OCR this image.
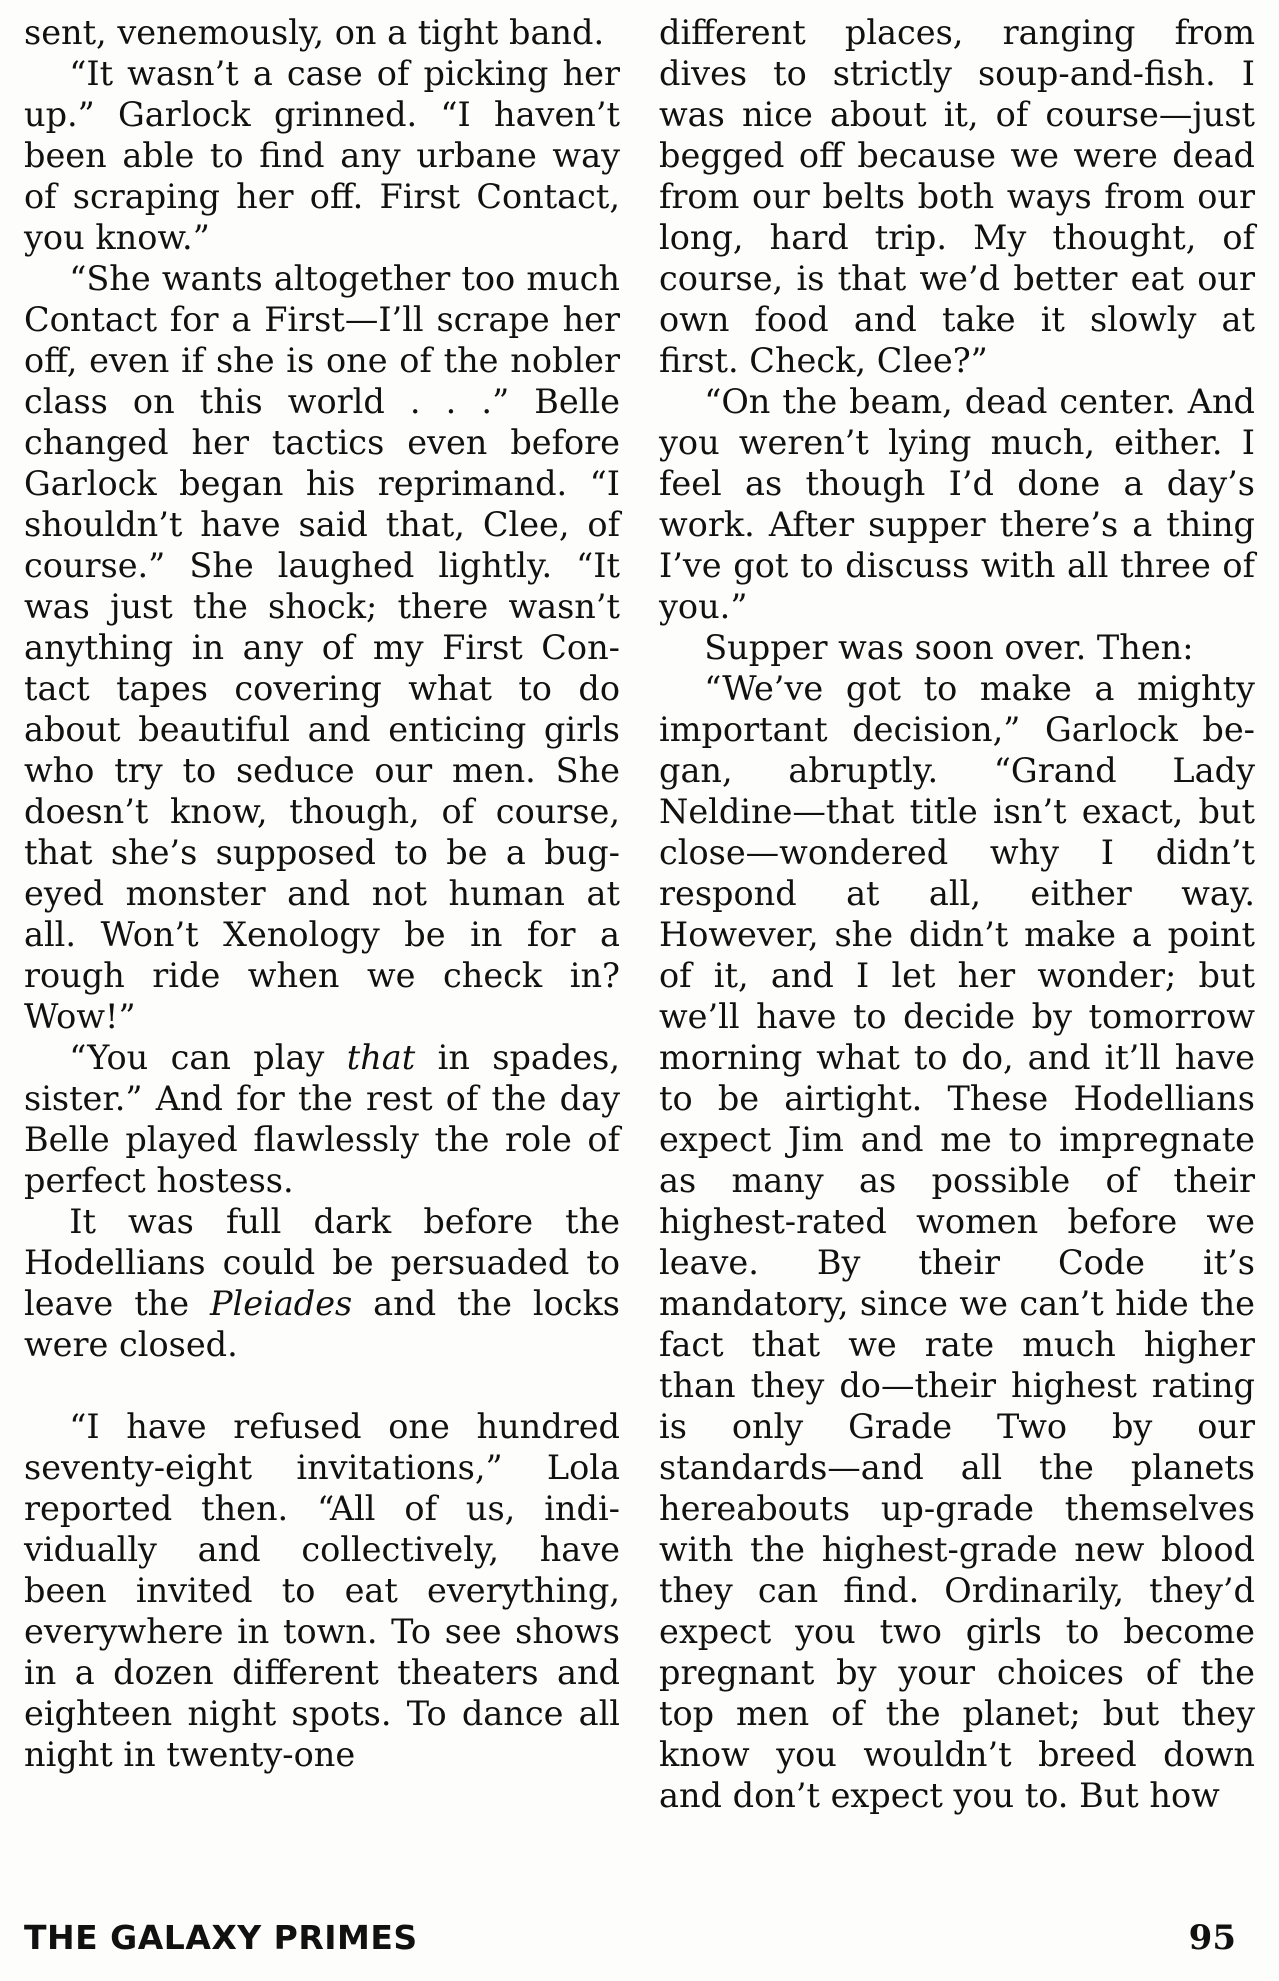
sent, venemously, on a tight band.

“It wasn’t a case of picking her up.” Garlock grinned. “I haven’t been able to find any urbane way of scraping her off. First Contact, you know.”

“She wants altogether too much Contact for a First—I’ll scrape her off, even if she is one of the nobler class on this world . . .” Belle changed her tactics even before Garlock began his reprimand. “I shouldn’t have said that, Clee, of course.” She laughed lightly. “It was just the shock; there wasn’t anything in any of my First Contact tapes covering what to do about beautiful and enticing girls who try to seduce our men. She doesn’t know, though, of course, that she’s supposed to be a bug-eyed monster and not human at all. Won’t Xenology be in for a rough ride when we check in? Wow!”

“You can play that in spades, sister.” And for the rest of the day Belle played flawlessly the role of perfect hostess.

It was full dark before the Hodellians could be persuaded to leave the Pleiades and the locks were closed.

“I have refused one hundred seventy-eight invitations,” Lola reported then. “All of us, individually and collectively, have been invited to eat everything, everywhere in town. To see shows in a dozen different theaters and eighteen night spots. To dance all night in twenty-one

different places, ranging from dives to strictly soup-and-fish. I was nice about it, of course—just begged off because we were dead from our belts both ways from our long, hard trip. My thought, of course, is that we’d better eat our own food and take it slowly at first. Check, Clee?”

“On the beam, dead center. And you weren’t lying much, either. I feel as though I’d done a day’s work. After supper there’s a thing I’ve got to discuss with all three of you.”

Supper was soon over. Then:

“We’ve got to make a mighty important decision,” Garlock began, abruptly. “Grand Lady Neldine—that title isn’t exact, but close—wondered why I didn’t respond at all, either way. However, she didn’t make a point of it, and I let her wonder; but we’ll have to decide by tomorrow morning what to do, and it’ll have to be airtight. These Hodellians expect Jim and me to impregnate as many as possible of their highest-rated women before we leave. By their Code it’s mandatory, since we can’t hide the fact that we rate much higher than they do—their highest rating is only Grade Two by our standards—and all the planets hereabouts up-grade themselves with the highest-grade new blood they can find. Ordinarily, they’d expect you two girls to become pregnant by your choices of the top men of the planet; but they know you wouldn’t breed down and don’t expect you to. But how

THE GALAXY PRIMES	95
